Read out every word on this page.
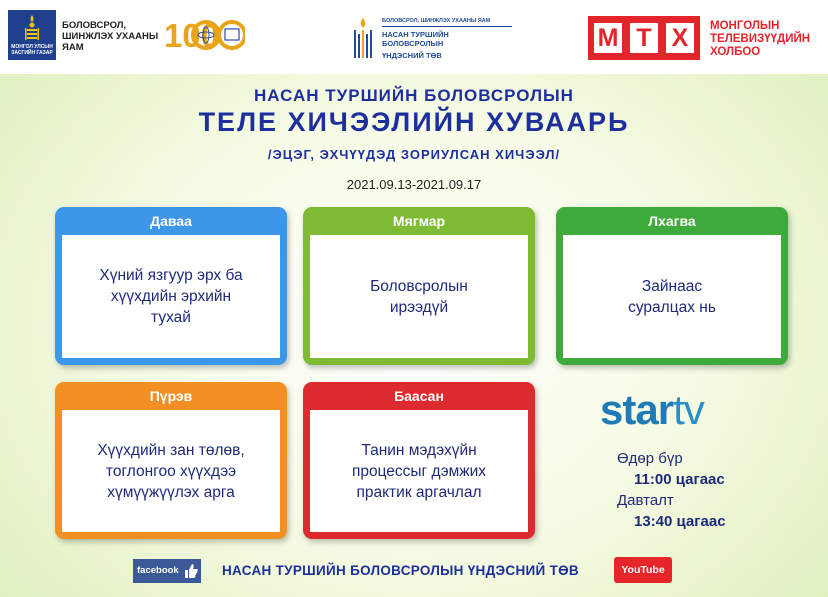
МОНГОЛ УЛСЫН ЗАСГИЙН ГАЗАР
БОЛОВСРОЛ,
ШИНЖЛЭХ УХААНЫ
ЯАМ	100	БОЛОВСРОЛ, ШИНЖЛЭХ УХААНЫ ЯАМ
НАСАН ТУРШИЙН БОЛОВСРОЛЫН
ҮНДЭСНИЙ ТӨВ
М Т Х	МОНГОЛЫН
ТЕЛЕВИЗҮҮДИЙН
ХОЛБОО
НАСАН ТУРШИЙН БОЛОВСРОЛЫН
ТЕЛЕ ХИЧЭЭЛИЙН ХУВААРЬ
/ЭЦЭГ, ЭХЧҮҮДЭД ЗОРИУЛСАН ХИЧЭЭЛ/
2021.09.13-2021.09.17
Даваа
Хүний язгуур эрх ба
хүүхдийн эрхийн
тухай
Мягмар
Боловсролын
ирээдүй
Лхагва
Зайнаас
суралцах нь
Пүрэв
Хүүхдийн зан төлөв,
тоглонгоо хүүхдээ
хүмүүжүүлэх арга
Баасан
Танин мэдэхүйн
процессыг дэмжих
практик аргачлал
startv
Өдөр бүр
11:00 цагаас
Давталт
13:40 цагаас
facebook	НАСАН ТУРШИЙН БОЛОВСРОЛЫН ҮНДЭСНИЙ ТӨВ	YouTube
